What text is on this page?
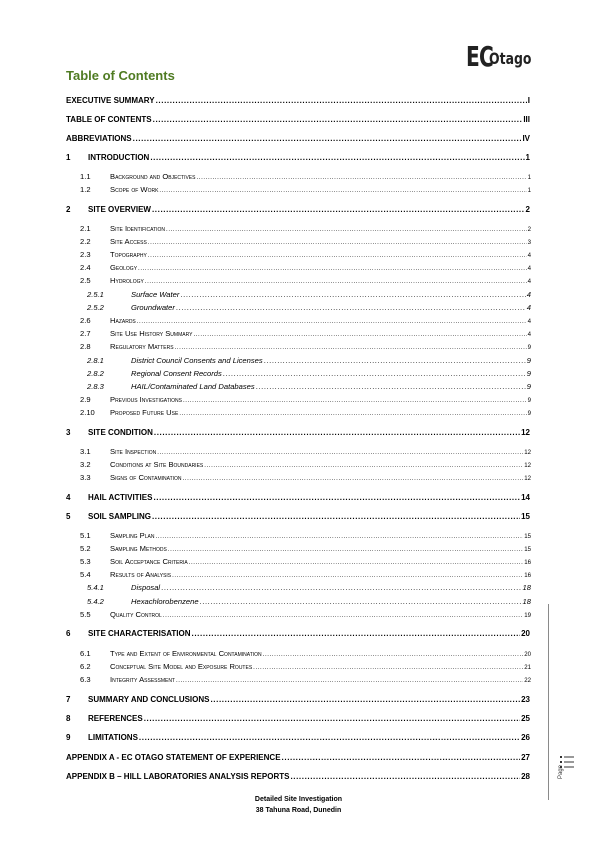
EC
Otago
Table of Contents
EXECUTIVE SUMMARY .....	I
TABLE OF CONTENTS .....	III
ABBREVIATIONS .....	IV
1	INTRODUCTION .....	1
1.1	Background and Objectives .....	1
1.2	Scope of Work .....	1
2	SITE OVERVIEW .....	2
2.1	Site Identification .....	2
2.2	Site Access .....	3
2.3	Topography .....	4
2.4	Geology .....	4
2.5	Hydrology .....	4
2.5.1	Surface Water .....	4
2.5.2	Groundwater .....	4
2.6	Hazards .....	4
2.7	Site Use History Summary .....	4
2.8	Regulatory Matters .....	9
2.8.1	District Council Consents and Licenses .....	9
2.8.2	Regional Consent Records .....	9
2.8.3	HAIL/Contaminated Land Databases .....	9
2.9	Previous Investigations .....	9
2.10	Proposed Future Use .....	9
3	SITE CONDITION .....	12
3.1	Site Inspection .....	12
3.2	Conditions at Site Boundaries .....	12
3.3	Signs of Contamination .....	12
4	HAIL ACTIVITIES .....	14
5	SOIL SAMPLING .....	15
5.1	Sampling Plan .....	15
5.2	Sampling Methods .....	15
5.3	Soil Acceptance Criteria .....	16
5.4	Results of Analysis .....	16
5.4.1	Disposal .....	18
5.4.2	Hexachlorobenzene .....	18
5.5	Quality Control .....	19
6	SITE CHARACTERISATION .....	20
6.1	Type and Extent of Environmental Contamination .....	20
6.2	Conceptual Site Model and Exposure Routes .....	21
6.3	Integrity Assessment .....	22
7	SUMMARY AND CONCLUSIONS .....	23
8	REFERENCES .....	25
9	LIMITATIONS .....	26
APPENDIX A - EC OTAGO STATEMENT OF EXPERIENCE .....	27
APPENDIX B – HILL LABORATORIES ANALYSIS REPORTS .....	28	Page
Detailed Site Investigation
38 Tahuna Road, Dunedin
